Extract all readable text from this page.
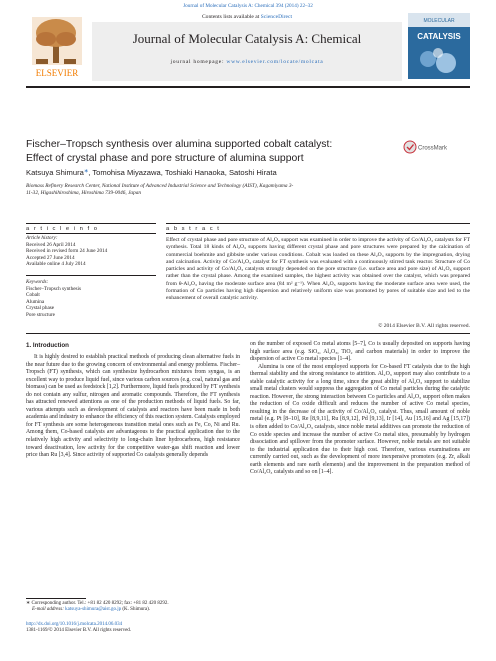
Journal of Molecular Catalysis A: Chemical 394 (2014) 22–32
ELSEVIER
Contents lists available at ScienceDirect
Journal of Molecular Catalysis A: Chemical
journal homepage: www.elsevier.com/locate/molcata
MOLECULAR
CATALYSIS
Fischer–Tropsch synthesis over alumina supported cobalt catalyst:
Effect of crystal phase and pore structure of alumina support
CrossMark
Katsuya Shimura∗, Tomohisa Miyazawa, Toshiaki Hanaoka, Satoshi Hirata
Biomass Refinery Research Center, National Institute of Advanced Industrial Science and Technology (AIST), Kagamiyama 3-11-32, Higashihiroshima, Hiroshima 739-0046, Japan
a r t i c l e i n f o

Article history:

Received 26 April 2014

Received in revised form 24 June 2014

Accepted 27 June 2014

Available online 4 July 2014

Keywords:

Fischer–Tropsch synthesis

Cobalt

Alumina

Crystal phase

Pore structure

a b s t r a c t

Effect of crystal phase and pore structure of Al₂O₃ support was examined in order to improve the activity of Co/Al₂O₃ catalysts for FT synthesis. Total 18 kinds of Al₂O₃ supports having different crystal phase and pore structures were prepared by the calcination of commercial boehmite and gibbsite under various conditions. Cobalt was loaded on these Al₂O₃ supports by the impregnation, drying and calcination. Activity of Co/Al₂O₃ catalyst for FT synthesis was evaluated with a continuously stirred tank reactor. Structure of Co particles and activity of Co/Al₂O₃ catalysts strongly depended on the pore structure (i.e. surface area and pore size) of Al₂O₃ support rather than the crystal phase. Among the examined samples, the highest activity was obtained over the catalyst, which was prepared from θ-Al₂O₃ having the moderate surface area (84 m² g⁻¹). When Al₂O₃ supports having the moderate surface area were used, the formation of Co particles having high dispersion and relatively uniform size was promoted by pores of suitable size and led to the enhancement of overall catalytic activity.

© 2014 Elsevier B.V. All rights reserved.
1. Introduction

It is highly desired to establish practical methods of producing clean alternative fuels in the near future due to the growing concern of environmental and energy problems. Fischer–Tropsch (FT) synthesis, which can synthesize hydrocarbon mixtures from syngas, is an excellent way to produce liquid fuel, since various carbon sources (e.g. coal, natural gas and biomass) can be used as feedstock [1,2]. Furthermore, liquid fuels produced by FT synthesis do not contain any sulfur, nitrogen and aromatic compounds. Therefore, the FT synthesis has attracted renewed attentions as one of the production methods of liquid fuels. So far, various attempts such as development of catalysts and reactors have been made in both academia and industry to enhance the efficiency of this reaction system. Catalysts employed for FT synthesis are some heterogeneous transition metal ones such as Fe, Co, Ni and Ru. Among them, Co-based catalysts are advantageous to the practical application due to the relatively high activity and selectivity to long-chain liner hydrocarbons, high resistance toward deactivation, low activity for the competitive water-gas shift reaction and lower price than Ru [3,4]. Since activity of supported Co catalysts generally depends

on the number of exposed Co metal atoms [5–7], Co is usually deposited on supports having high surface area (e.g. SiO₂, Al₂O₃, TiO₂ and carbon materials) in order to improve the dispersion of active Co metal species [1–4].

Alumina is one of the most employed supports for Co-based FT catalysts due to the high thermal stability and the strong resistance to attrition. Al₂O₃ support may also contribute to a stable catalytic activity for a long time, since the great ability of Al₂O₃ support to stabilize small metal clusters would suppress the aggregation of Co metal particles during the catalytic reaction. However, the strong interaction between Co particles and Al₂O₃ support often makes the reduction of Co oxide difficult and reduces the number of active Co metal species, resulting in the decrease of the activity of Co/Al₂O₃ catalyst. Thus, small amount of noble metal (e.g. Pt [8–10], Re [8,9,11], Ru [8,9,12], Pd [9,13], Ir [14], Au [15,16] and Ag [15,17]) is often added to Co/Al₂O₃ catalysts, since noble metal additives can promote the reduction of Co oxide species and increase the number of active Co metal sites, presumably by hydrogen dissociation and spillover from the promoter surface. However, noble metals are not suitable to the industrial application due to their high cost. Therefore, various examinations are currently carried out, such as the development of more inexpensive promoters (e.g. Zr, alkali earth elements and rare earth elements) and the improvement in the preparation method of Co/Al₂O₃ catalysts and so on [1–4].

∗ Corresponding author. Tel.: +81 82 420 8292; fax: +81 82 420 8292.
E-mail address: katsuya-shimura@aist.go.jp (K. Shimura).
http://dx.doi.org/10.1016/j.molcata.2014.06.034
1381-1169/© 2014 Elsevier B.V. All rights reserved.
